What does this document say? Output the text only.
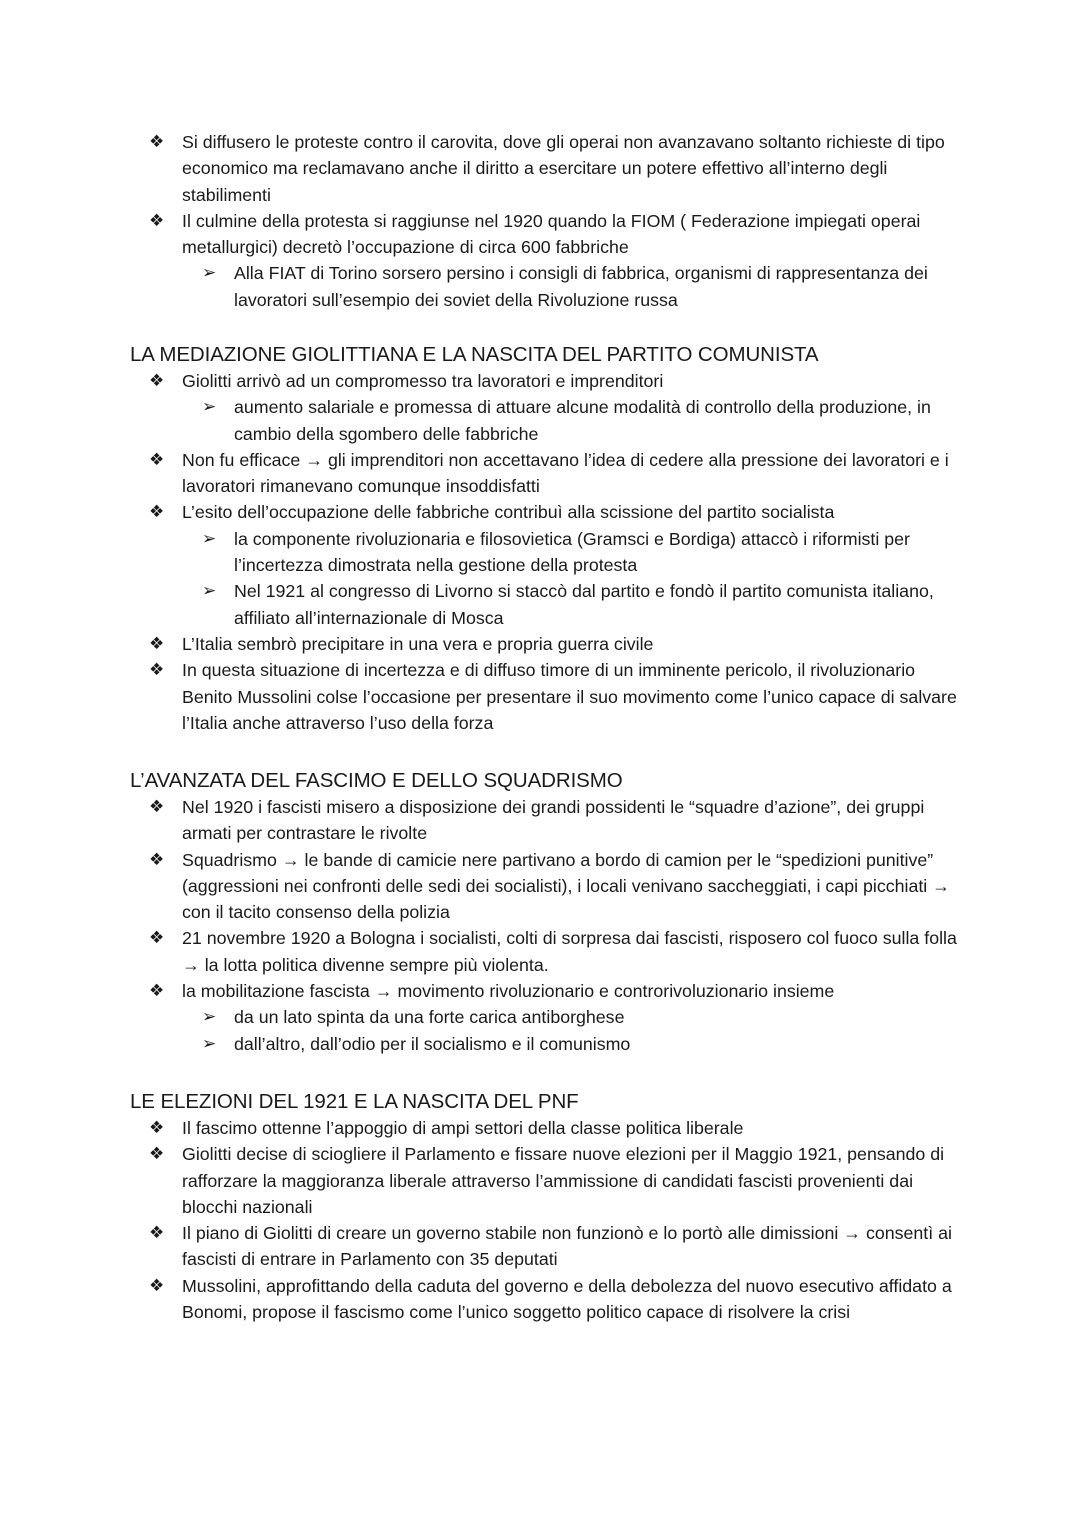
❖ Si diffusero le proteste contro il carovita, dove gli operai non avanzavano soltanto richieste di tipo economico ma reclamavano anche il diritto a esercitare un potere effettivo all’interno degli stabilimenti
❖ Il culmine della protesta si raggiunse nel 1920 quando la FIOM ( Federazione impiegati operai metallurgici) decretò l’occupazione di circa 600 fabbriche
➢ Alla FIAT di Torino sorsero persino i consigli di fabbrica, organismi di rappresentanza dei lavoratori sull’esempio dei soviet della Rivoluzione russa
LA MEDIAZIONE GIOLITTIANA E LA NASCITA DEL PARTITO COMUNISTA
❖ Giolitti arrivò ad un compromesso tra lavoratori e imprenditori
➢ aumento salariale e promessa di attuare alcune modalità di controllo della produzione, in cambio della sgombero delle fabbriche
❖ Non fu efficace → gli imprenditori non accettavano l’idea di cedere alla pressione dei lavoratori e i lavoratori rimanevano comunque insoddisfatti
❖ L’esito dell’occupazione delle fabbriche contribuì alla scissione del partito socialista
➢ la componente rivoluzionaria e filosovietica (Gramsci e Bordiga) attaccò i riformisti per l’incertezza dimostrata nella gestione della protesta
➢ Nel 1921 al congresso di Livorno si staccò dal partito e fondò il partito comunista italiano, affiliato all’internazionale di Mosca
❖ L’Italia sembrò precipitare in una vera e propria guerra civile
❖ In questa situazione di incertezza e di diffuso timore di un imminente pericolo, il rivoluzionario Benito Mussolini colse l’occasione per presentare il suo movimento come l’unico capace di salvare l’Italia anche attraverso l’uso della forza
L’AVANZATA DEL FASCIMO E DELLO SQUADRISMO
❖ Nel 1920 i fascisti misero a disposizione dei grandi possidenti le “squadre d’azione”, dei gruppi armati per contrastare le rivolte
❖ Squadrismo → le bande di camicie nere partivano a bordo di camion per le “spedizioni punitive” (aggressioni nei confronti delle sedi dei socialisti), i locali venivano saccheggiati, i capi picchiati → con il tacito consenso della polizia
❖ 21 novembre 1920 a Bologna i socialisti, colti di sorpresa dai fascisti, risposero col fuoco sulla folla → la lotta politica divenne sempre più violenta.
❖ la mobilitazione fascista → movimento rivoluzionario e controrivoluzionario insieme
➢ da un lato spinta da una forte carica antiborghese
➢ dall’altro, dall’odio per il socialismo e il comunismo
LE ELEZIONI DEL 1921 E LA NASCITA DEL PNF
❖ Il fascimo ottenne l’appoggio di ampi settori della classe politica liberale
❖ Giolitti decise di sciogliere il Parlamento e fissare nuove elezioni per il Maggio 1921, pensando di rafforzare la maggioranza liberale attraverso l’ammissione di candidati fascisti provenienti dai blocchi nazionali
❖ Il piano di Giolitti di creare un governo stabile non funzionò e lo portò alle dimissioni → consentì ai fascisti di entrare in Parlamento con 35 deputati
❖ Mussolini, approfittando della caduta del governo e della debolezza del nuovo esecutivo affidato a Bonomi, propose il fascismo come l’unico soggetto politico capace di risolvere la crisi
